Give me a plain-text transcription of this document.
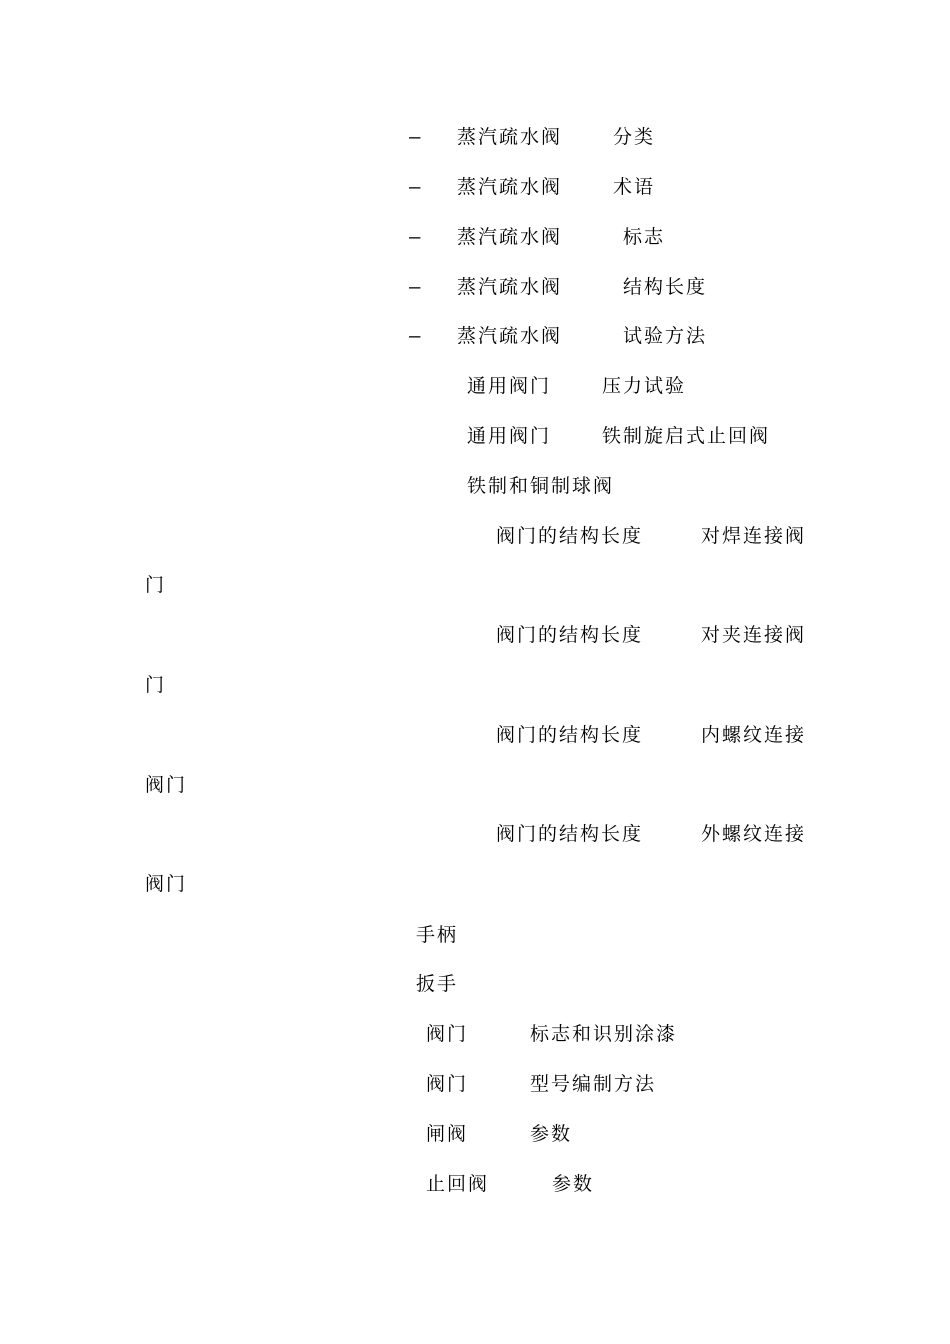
– 蒸汽疏水阀	分类
– 蒸汽疏水阀	术语
– 蒸汽疏水阀	标志
– 蒸汽疏水阀	结构长度
– 蒸汽疏水阀	试验方法
通用阀门	压力试验
通用阀门	铁制旋启式止回阀
铁制和铜制球阀
阀门的结构长度	对焊连接阀
门
阀门的结构长度	对夹连接阀
门
阀门的结构长度	内螺纹连接
阀门
阀门的结构长度	外螺纹连接
阀门
手柄
扳手
阀门	标志和识别涂漆
阀门	型号编制方法
闸阀	参数
止回阀	参数
